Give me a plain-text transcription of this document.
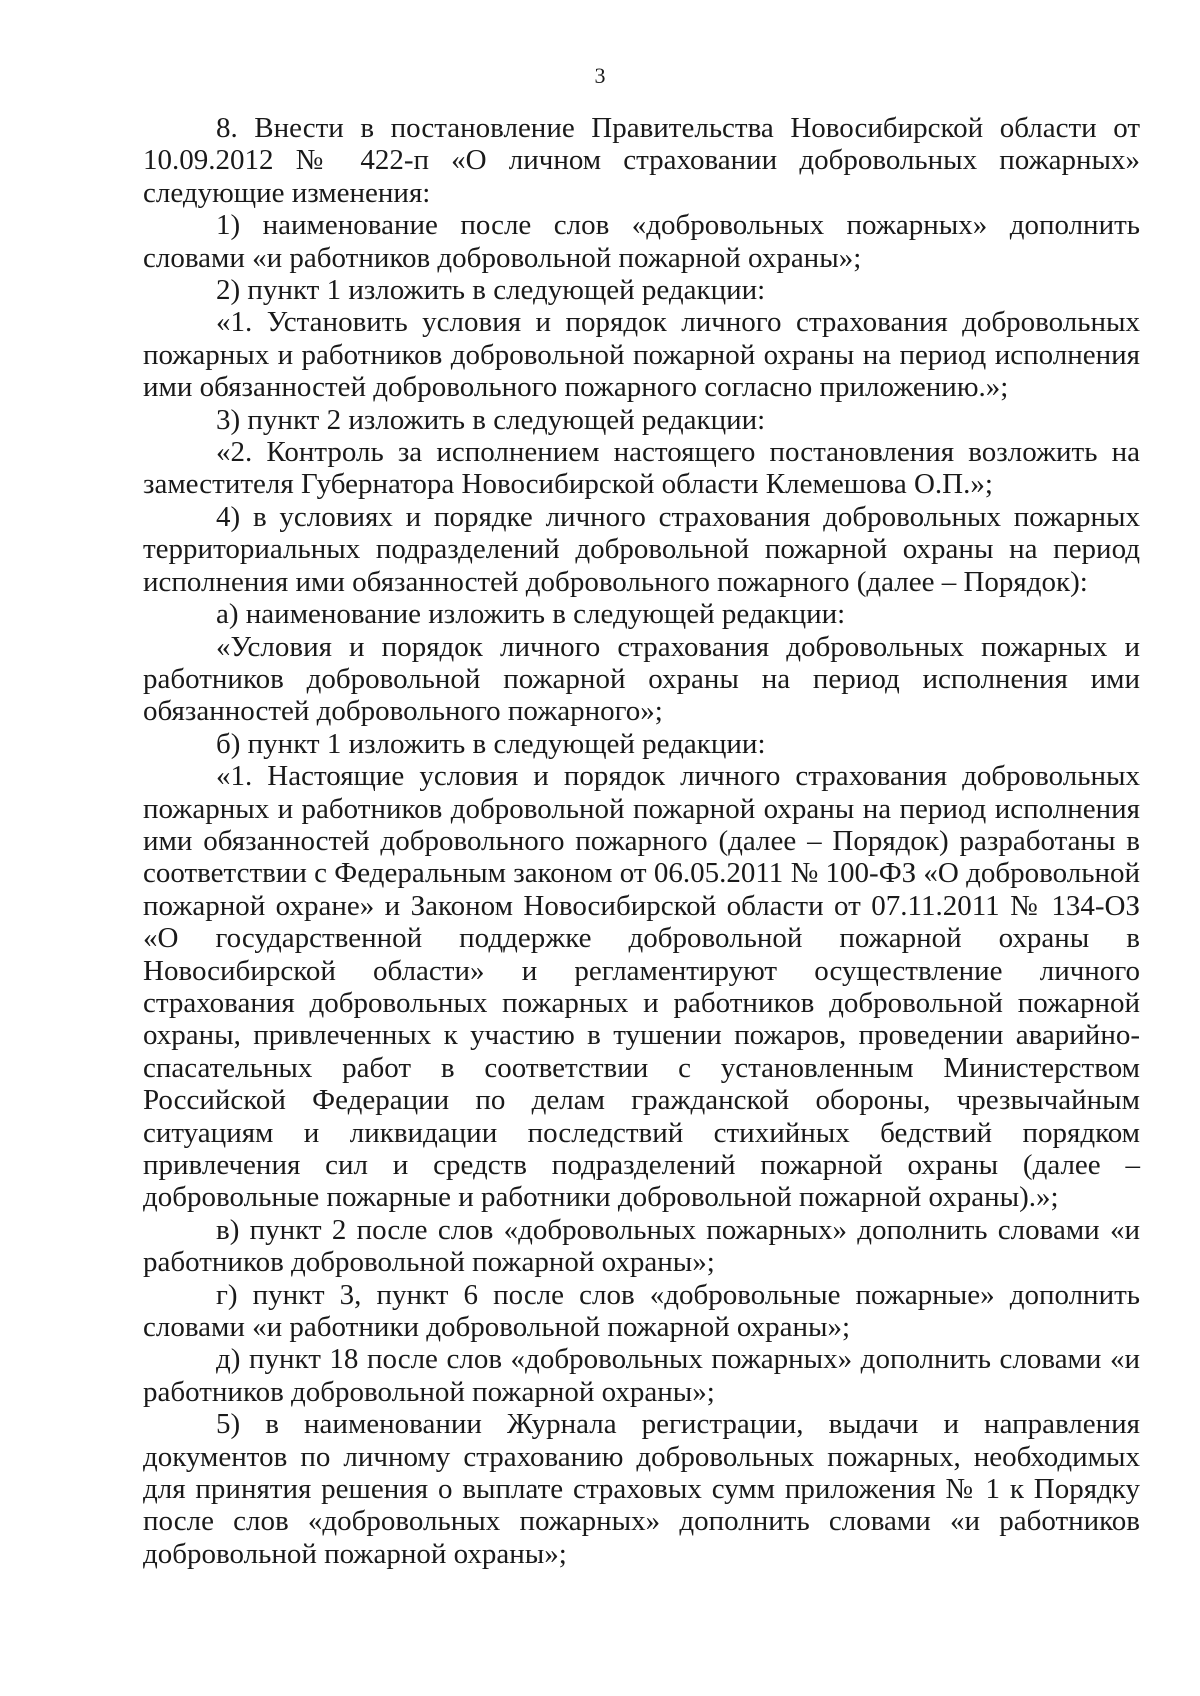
3

8. Внести в постановление Правительства Новосибирской области от 10.09.2012 № 422-п «О личном страховании добровольных пожарных» следующие изменения:

1) наименование после слов «добровольных пожарных» дополнить словами «и работников добровольной пожарной охраны»;

2) пункт 1 изложить в следующей редакции:

«1. Установить условия и порядок личного страхования добровольных пожарных и работников добровольной пожарной охраны на период исполнения ими обязанностей добровольного пожарного согласно приложению.»;

3) пункт 2 изложить в следующей редакции:

«2. Контроль за исполнением настоящего постановления возложить на заместителя Губернатора Новосибирской области Клемешова О.П.»;

4) в условиях и порядке личного страхования добровольных пожарных территориальных подразделений добровольной пожарной охраны на период исполнения ими обязанностей добровольного пожарного (далее – Порядок):

а) наименование изложить в следующей редакции:

«Условия и порядок личного страхования добровольных пожарных и работников добровольной пожарной охраны на период исполнения ими обязанностей добровольного пожарного»;

б) пункт 1 изложить в следующей редакции:

«1. Настоящие условия и порядок личного страхования добровольных пожарных и работников добровольной пожарной охраны на период исполнения ими обязанностей добровольного пожарного (далее – Порядок) разработаны в соответствии с Федеральным законом от 06.05.2011 № 100-ФЗ «О добровольной пожарной охране» и Законом Новосибирской области от 07.11.2011 № 134-ОЗ «О государственной поддержке добровольной пожарной охраны в Новосибирской области» и регламентируют осуществление личного страхования добровольных пожарных и работников добровольной пожарной охраны, привлеченных к участию в тушении пожаров, проведении аварийно-спасательных работ в соответствии с установленным Министерством Российской Федерации по делам гражданской обороны, чрезвычайным ситуациям и ликвидации последствий стихийных бедствий порядком привлечения сил и средств подразделений пожарной охраны (далее – добровольные пожарные и работники добровольной пожарной охраны).»;

в) пункт 2 после слов «добровольных пожарных» дополнить словами «и работников добровольной пожарной охраны»;

г) пункт 3, пункт 6 после слов «добровольные пожарные» дополнить словами «и работники добровольной пожарной охраны»;

д) пункт 18 после слов «добровольных пожарных» дополнить словами «и работников добровольной пожарной охраны»;

5) в наименовании Журнала регистрации, выдачи и направления документов по личному страхованию добровольных пожарных, необходимых для принятия решения о выплате страховых сумм приложения № 1 к Порядку после слов «добровольных пожарных» дополнить словами «и работников добровольной пожарной охраны»;
